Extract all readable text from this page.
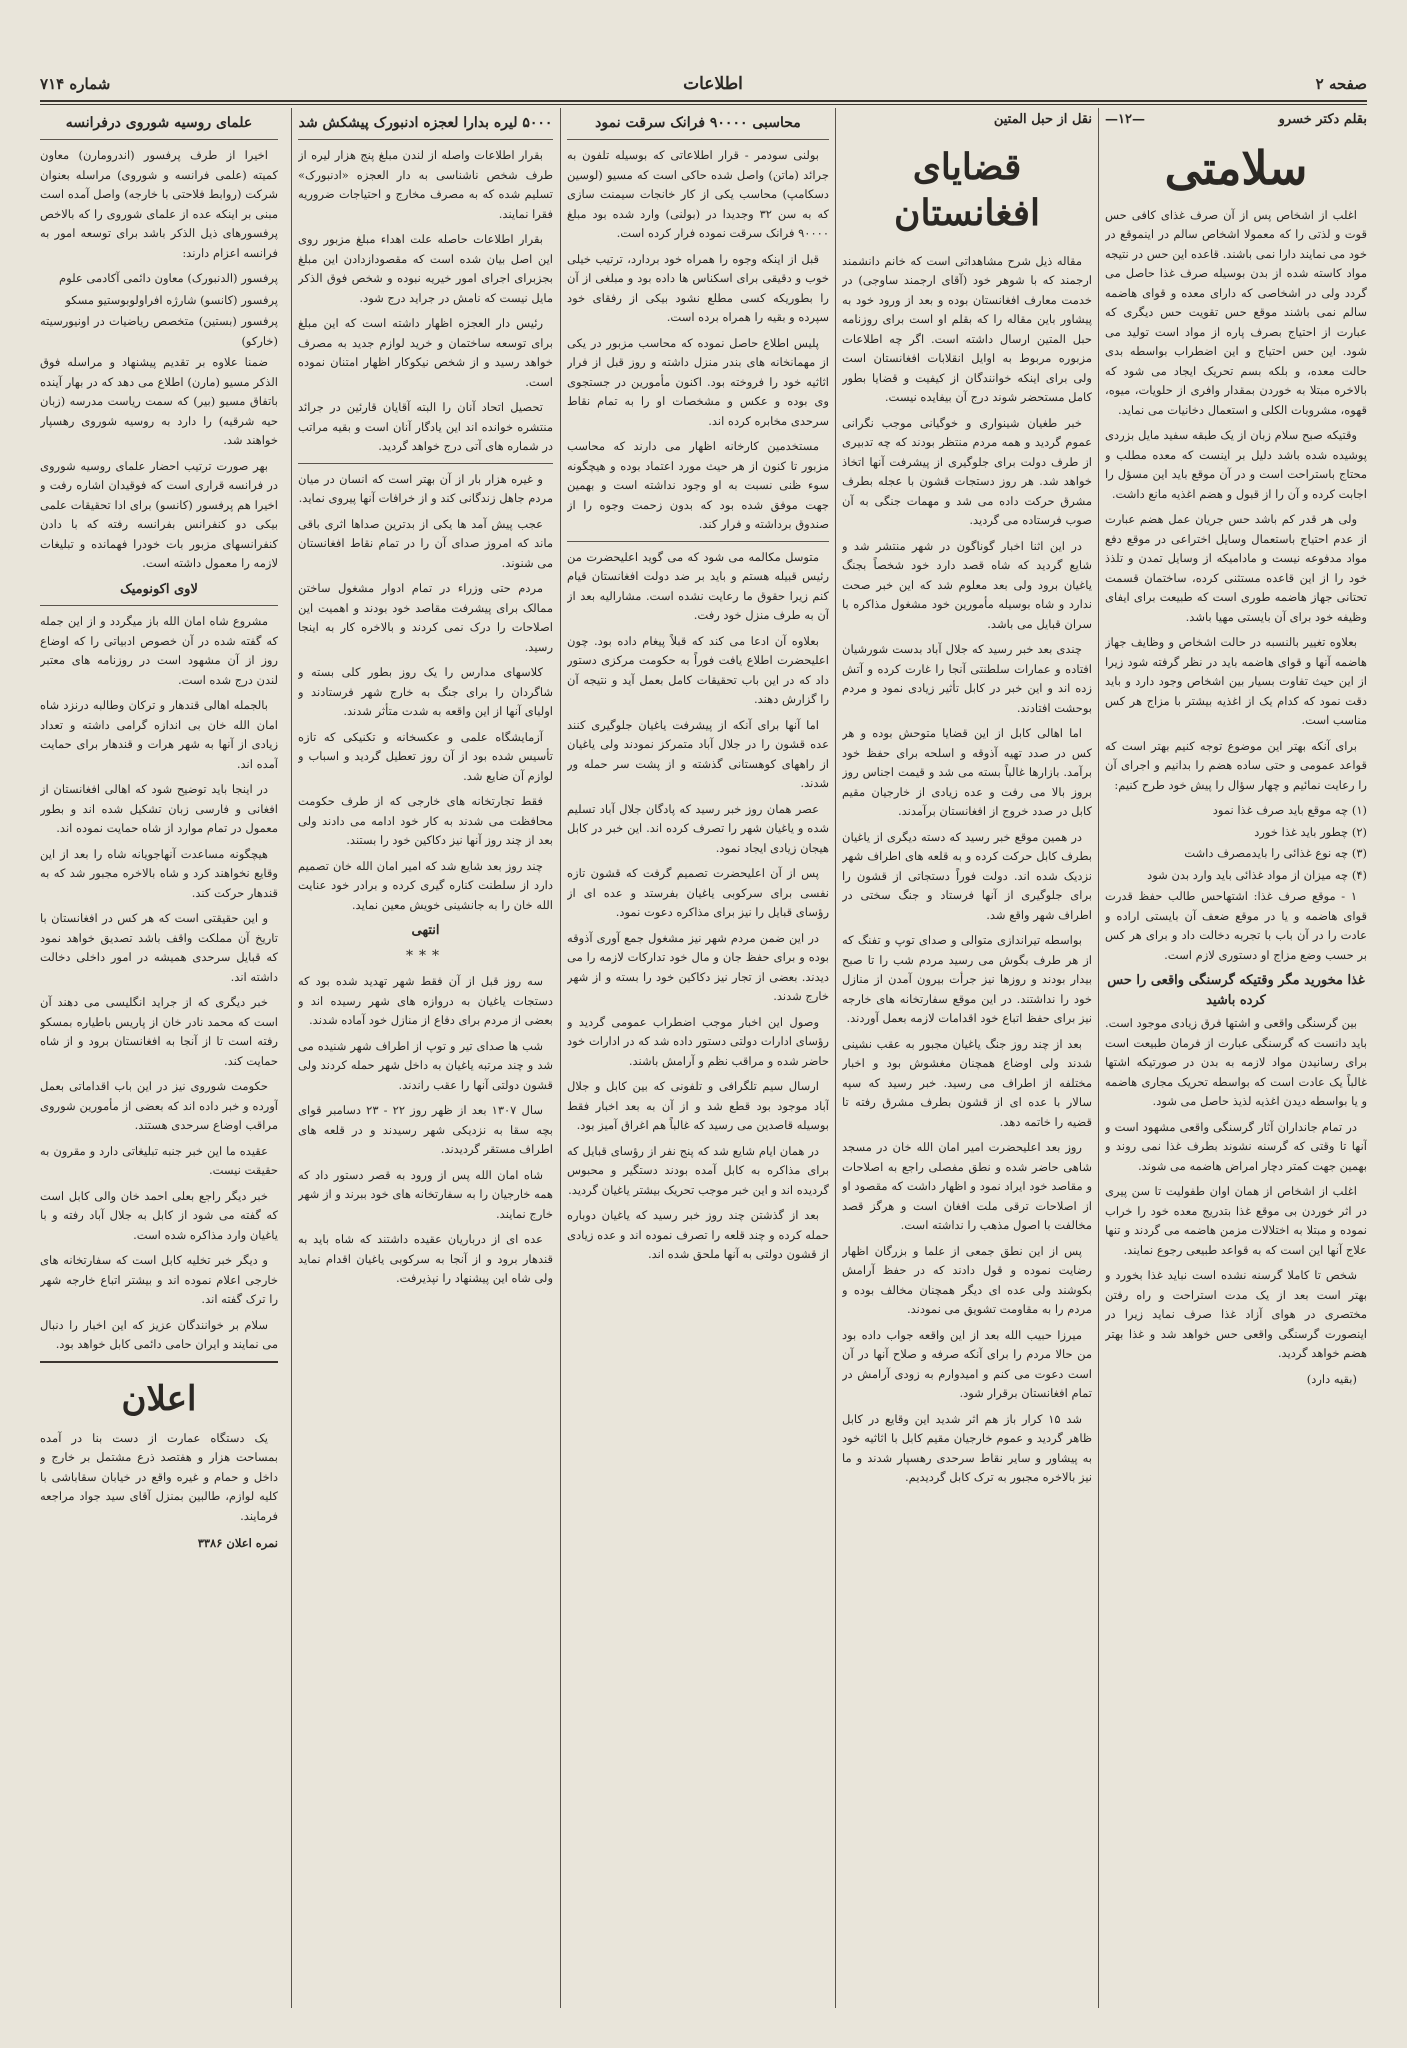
صفحه ۲
اطلاعات
شماره ۷۱۴
بقلم دکتر خسرو
—۱۲—
سلامتی

اغلب از اشخاص پس از آن صرف غذای کافی حس قوت و لذتی را که معمولا اشخاص سالم در اینموقع در خود می نمایند دارا نمی باشند. قاعده این حس در نتیجه مواد کاسته شده از بدن بوسیله صرف غذا حاصل می گردد ولی در اشخاصی که دارای معده و قوای هاضمه سالم نمی باشند موقع حس تقویت حس دیگری که عبارت از احتیاج بصرف پاره از مواد است تولید می شود. این حس احتیاج و این اضطراب بواسطه بدی حالت معده، و بلکه بسم تحریک ایجاد می شود که بالاخره مبتلا به خوردن بمقدار وافری از حلویات، میوه، قهوه، مشروبات الکلی و استعمال دخانیات می نماید.

وقتیکه صبح سلام زبان از یک طبقه سفید مایل بزردی پوشیده شده باشد دلیل بر اینست که معده مطلب و محتاج باستراحت است و در آن موقع باید این مسؤل را اجابت کرده و آن را از قبول و هضم اغذیه مانع داشت.

ولی هر قدر کم باشد حس جریان عمل هضم عبارت از عدم احتیاج باستعمال وسایل اختراعی در موقع دفع مواد مدفوعه نیست و مادامیکه از وسایل تمدن و تلذذ خود را از این قاعده مستثنی کرده، ساختمان قسمت تحتانی جهاز هاضمه طوری است که طبیعت برای ایفای وظیفه خود برای آن بایستی مهیا باشد.

بعلاوه تغییر بالنسبه در حالت اشخاص و وظایف جهاز هاضمه آنها و قوای هاضمه باید در نظر گرفته شود زیرا از این حیث تفاوت بسیار بین اشخاص وجود دارد و باید دقت نمود که کدام یک از اغذیه بیشتر با مزاج هر کس مناسب است.

برای آنکه بهتر این موضوع توجه کنیم بهتر است که قواعد عمومی و حتی ساده هضم را بدانیم و اجرای آن را رعایت نمائیم و چهار سؤال را پیش خود طرح کنیم:

(۱) چه موقع باید صرف غذا نمود

(۲) چطور باید غذا خورد

(۳) چه نوع غذائی را بایدمصرف داشت

(۴) چه میزان از مواد غذائی باید وارد بدن شود

۱ - موقع صرف غذا: اشتهاحس طالب حفظ قدرت قوای هاضمه و یا در موقع ضعف آن بایستی اراده و عادت را در آن باب با تجربه دخالت داد و برای هر کس بر حسب وضع مزاج او دستوری لازم است.

غذا مخورید مگر وقتیکه گرسنگی واقعی را حس کرده باشید

بین گرسنگی واقعی و اشتها فرق زیادی موجود است. باید دانست که گرسنگی عبارت از فرمان طبیعت است برای رسانیدن مواد لازمه به بدن در صورتیکه اشتها غالباً یک عادت است که بواسطه تحریک مجاری هاضمه و یا بواسطه دیدن اغذیه لذیذ حاصل می شود.

در تمام جانداران آثار گرسنگی واقعی مشهود است و آنها تا وقتی که گرسنه نشوند بطرف غذا نمی روند و بهمین جهت کمتر دچار امراض هاضمه می شوند.

اغلب از اشخاص از همان اوان طفولیت تا سن پیری در اثر خوردن بی موقع غذا بتدریج معده خود را خراب نموده و مبتلا به اختلالات مزمن هاضمه می گردند و تنها علاج آنها این است که به قواعد طبیعی رجوع نمایند.

شخص تا کاملا گرسنه نشده است نباید غذا بخورد و بهتر است بعد از یک مدت استراحت و راه رفتن مختصری در هوای آزاد غذا صرف نماید زیرا در اینصورت گرسنگی واقعی حس خواهد شد و غذا بهتر هضم خواهد گردید.

(بقیه دارد)

نقل از حبل المتین
قضایای افغانستان

مقاله ذیل شرح مشاهداتی است که خانم دانشمند ارجمند که با شوهر خود (آقای ارجمند ساوجی) در خدمت معارف افغانستان بوده و بعد از ورود خود به پیشاور باین مقاله را که بقلم او است برای روزنامه حبل المتین ارسال داشته است. اگر چه اطلاعات مزبوره مربوط به اوایل انقلابات افغانستان است ولی برای اینکه خوانندگان از کیفیت و قضایا بطور کامل مستحضر شوند درج آن بیفایده نیست.

خبر طغیان شینواری و خوگیانی موجب نگرانی عموم گردید و همه مردم منتظر بودند که چه تدبیری از طرف دولت برای جلوگیری از پیشرفت آنها اتخاذ خواهد شد. هر روز دستجات قشون با عجله بطرف مشرق حرکت داده می شد و مهمات جنگی به آن صوب فرستاده می گردید.

در این اثنا اخبار گوناگون در شهر منتشر شد و شایع گردید که شاه قصد دارد خود شخصاً بجنگ یاغیان برود ولی بعد معلوم شد که این خبر صحت ندارد و شاه بوسیله مأمورین خود مشغول مذاکره با سران قبایل می باشد.

چندی بعد خبر رسید که جلال آباد بدست شورشیان افتاده و عمارات سلطنتی آنجا را غارت کرده و آتش زده اند و این خبر در کابل تأثیر زیادی نمود و مردم بوحشت افتادند.

اما اهالی کابل از این قضایا متوحش بوده و هر کس در صدد تهیه آذوقه و اسلحه برای حفظ خود برآمد. بازارها غالباً بسته می شد و قیمت اجناس روز بروز بالا می رفت و عده زیادی از خارجیان مقیم کابل در صدد خروج از افغانستان برآمدند.

در همین موقع خبر رسید که دسته دیگری از یاغیان بطرف کابل حرکت کرده و به قلعه های اطراف شهر نزدیک شده اند. دولت فوراً دستجاتی از قشون را برای جلوگیری از آنها فرستاد و جنگ سختی در اطراف شهر واقع شد.

بواسطه تیراندازی متوالی و صدای توپ و تفنگ که از هر طرف بگوش می رسید مردم شب را تا صبح بیدار بودند و روزها نیز جرأت بیرون آمدن از منازل خود را نداشتند. در این موقع سفارتخانه های خارجه نیز برای حفظ اتباع خود اقدامات لازمه بعمل آوردند.

بعد از چند روز جنگ یاغیان مجبور به عقب نشینی شدند ولی اوضاع همچنان مغشوش بود و اخبار مختلفه از اطراف می رسید. خبر رسید که سپه سالار با عده ای از قشون بطرف مشرق رفته تا قضیه را خاتمه دهد.

روز بعد اعلیحضرت امیر امان الله خان در مسجد شاهی حاضر شده و نطق مفصلی راجع به اصلاحات و مقاصد خود ایراد نمود و اظهار داشت که مقصود او از اصلاحات ترقی ملت افغان است و هرگز قصد مخالفت با اصول مذهب را نداشته است.

پس از این نطق جمعی از علما و بزرگان اظهار رضایت نموده و قول دادند که در حفظ آرامش بکوشند ولی عده ای دیگر همچنان مخالف بوده و مردم را به مقاومت تشویق می نمودند.

میرزا حبیب الله بعد از این واقعه جواب داده بود من حالا مردم را برای آنکه صرفه و صلاح آنها در آن است دعوت می کنم و امیدوارم به زودی آرامش در تمام افغانستان برقرار شود.

شد ۱۵ کرار باز هم اثر شدید این وقایع در کابل ظاهر گردید و عموم خارجیان مقیم کابل با اثاثیه خود به پیشاور و سایر نقاط سرحدی رهسپار شدند و ما نیز بالاخره مجبور به ترک کابل گردیدیم.

محاسبی ۹۰۰۰۰ فرانک سرقت نمود

بولنی سودمر - قرار اطلاعاتی که بوسیله تلفون به جرائد (ماتن) واصل شده حاکی است که مسیو (لوسین دسکامپ) محاسب یکی از کار خانجات سیمنت سازی که به سن ۳۲ وجدیدا در (بولنی) وارد شده بود مبلغ ۹۰۰۰۰ فرانک سرقت نموده فرار کرده است.

قبل از اینکه وجوه را همراه خود بردارد، ترتیب خیلی خوب و دقیقی برای اسکناس ها داده بود و مبلغی از آن را بطوریکه کسی مطلع نشود بیکی از رفقای خود سپرده و بقیه را همراه برده است.

پلیس اطلاع حاصل نموده که محاسب مزبور در یکی از مهمانخانه های بندر منزل داشته و روز قبل از فرار اثاثیه خود را فروخته بود. اکنون مأمورین در جستجوی وی بوده و عکس و مشخصات او را به تمام نقاط سرحدی مخابره کرده اند.

مستخدمین کارخانه اظهار می دارند که محاسب مزبور تا کنون از هر حیث مورد اعتماد بوده و هیچگونه سوء ظنی نسبت به او وجود نداشته است و بهمین جهت موفق شده بود که بدون زحمت وجوه را از صندوق برداشته و فرار کند.

متوسل مکالمه می شود که می گوید اعلیحضرت من رئیس قبیله هستم و باید بر ضد دولت افغانستان قیام کنم زیرا حقوق ما رعایت نشده است. مشارالیه بعد از آن به طرف منزل خود رفت.

بعلاوه آن ادعا می کند که قبلاً پیغام داده بود. چون اعلیحضرت اطلاع یافت فوراً به حکومت مرکزی دستور داد که در این باب تحقیقات کامل بعمل آید و نتیجه آن را گزارش دهند.

اما آنها برای آنکه از پیشرفت یاغیان جلوگیری کنند عده قشون را در جلال آباد متمرکز نمودند ولی یاغیان از راههای کوهستانی گذشته و از پشت سر حمله ور شدند.

عصر همان روز خبر رسید که پادگان جلال آباد تسلیم شده و یاغیان شهر را تصرف کرده اند. این خبر در کابل هیجان زیادی ایجاد نمود.

پس از آن اعلیحضرت تصمیم گرفت که قشون تازه نفسی برای سرکوبی یاغیان بفرستد و عده ای از رؤسای قبایل را نیز برای مذاکره دعوت نمود.

در این ضمن مردم شهر نیز مشغول جمع آوری آذوقه بوده و برای حفظ جان و مال خود تدارکات لازمه را می دیدند. بعضی از تجار نیز دکاکین خود را بسته و از شهر خارج شدند.

وصول این اخبار موجب اضطراب عمومی گردید و رؤسای ادارات دولتی دستور داده شد که در ادارات خود حاضر شده و مراقب نظم و آرامش باشند.

ارسال سیم تلگرافی و تلفونی که بین کابل و جلال آباد موجود بود قطع شد و از آن به بعد اخبار فقط بوسیله قاصدین می رسید که غالباً هم اغراق آمیز بود.

در همان ایام شایع شد که پنج نفر از رؤسای قبایل که برای مذاکره به کابل آمده بودند دستگیر و محبوس گردیده اند و این خبر موجب تحریک بیشتر یاغیان گردید.

بعد از گذشتن چند روز خبر رسید که یاغیان دوباره حمله کرده و چند قلعه را تصرف نموده اند و عده زیادی از قشون دولتی به آنها ملحق شده اند.

۵۰۰۰ لیره بدارا لعجزه ادنبورک پیشکش شد

بقرار اطلاعات واصله از لندن مبلغ پنج هزار لیره از طرف شخص ناشناسی به دار العجزه «ادنبورک» تسلیم شده که به مصرف مخارج و احتیاجات ضروریه فقرا نمایند.

بقرار اطلاعات حاصله علت اهداء مبلغ مزبور روی این اصل بیان شده است که مقصودازدادن این مبلغ بجزبرای اجرای امور خیریه نبوده و شخص فوق الذکر مایل نیست که نامش در جراید درج شود.

رئیس دار العجزه اظهار داشته است که این مبلغ برای توسعه ساختمان و خرید لوازم جدید به مصرف خواهد رسید و از شخص نیکوکار اظهار امتنان نموده است.

تحصیل اتحاد آنان را البته آقایان قارئین در جرائد منتشره خوانده اند این یادگار آنان است و بقیه مراتب در شماره های آتی درج خواهد گردید.

و غیره هزار بار از آن بهتر است که انسان در میان مردم جاهل زندگانی کند و از خرافات آنها پیروی نماید.

عجب پیش آمد ها یکی از بدترین صداها اثری باقی ماند که امروز صدای آن را در تمام نقاط افغانستان می شنوند.

مردم حتی وزراء در تمام ادوار مشغول ساختن ممالک برای پیشرفت مقاصد خود بودند و اهمیت این اصلاحات را درک نمی کردند و بالاخره کار به اینجا رسید.

کلاسهای مدارس را یک روز بطور کلی بسته و شاگردان را برای جنگ به خارج شهر فرستادند و اولیای آنها از این واقعه به شدت متأثر شدند.

آزمایشگاه علمی و عکسخانه و تکنیکی که تازه تأسیس شده بود از آن روز تعطیل گردید و اسباب و لوازم آن ضایع شد.

فقط تجارتخانه های خارجی که از طرف حکومت محافظت می شدند به کار خود ادامه می دادند ولی بعد از چند روز آنها نیز دکاکین خود را بستند.

چند روز بعد شایع شد که امیر امان الله خان تصمیم دارد از سلطنت کناره گیری کرده و برادر خود عنایت الله خان را به جانشینی خویش معین نماید.

انتهی
***

سه روز قبل از آن فقط شهر تهدید شده بود که دستجات یاغیان به دروازه های شهر رسیده اند و بعضی از مردم برای دفاع از منازل خود آماده شدند.

شب ها صدای تیر و توپ از اطراف شهر شنیده می شد و چند مرتبه یاغیان به داخل شهر حمله کردند ولی قشون دولتی آنها را عقب راندند.

سال ۱۳۰۷ بعد از ظهر روز ۲۲ - ۲۳ دسامبر قوای بچه سقا به نزدیکی شهر رسیدند و در قلعه های اطراف مستقر گردیدند.

شاه امان الله پس از ورود به قصر دستور داد که همه خارجیان را به سفارتخانه های خود ببرند و از شهر خارج نمایند.

عده ای از درباریان عقیده داشتند که شاه باید به قندهار برود و از آنجا به سرکوبی یاغیان اقدام نماید ولی شاه این پیشنهاد را نپذیرفت.

علمای روسیه شوروی درفرانسه

اخیرا از طرف پرفسور (اندرومارن) معاون کمیته (علمی فرانسه و شوروی) مراسله بعنوان شرکت (روابط فلاحتی با خارجه) واصل آمده است مبنی بر اینکه عده از علمای شوروی را که بالاخص پرفسورهای ذیل الذکر باشد برای توسعه امور به فرانسه اعزام دارند:

پرفسور (الدنبورک) معاون دائمی آکادمی علوم

پرفسور (کانسو) شارژه افراولوبوستیو مسکو

پرفسور (بستین) متخصص ریاضیات در اونیورسیته (خارکو)

ضمنا علاوه بر تقدیم پیشنهاد و مراسله فوق الذکر مسیو (مارن) اطلاع می دهد که در بهار آینده باتفاق مسیو (بیر) که سمت ریاست مدرسه (زبان حیه شرقیه) را دارد به روسیه شوروی رهسپار خواهند شد.

بهر صورت ترتیب احضار علمای روسیه شوروی در فرانسه قراری است که فوقیدان اشاره رفت و اخیرا هم پرفسور (کانسو) برای ادا تحقیقات علمی بیکی دو کنفرانس بفرانسه رفته که با دادن کنفرانسهای مزبور بات خودرا فهمانده و تبلیغات لازمه را معمول داشته است.

لاوی اکونومیک

مشروع شاه امان الله باز میگردد و از این جمله که گفته شده در آن خصوص ادبیاتی را که اوضاع روز از آن مشهود است در روزنامه های معتبر لندن درج شده است.

بالجمله اهالی قندهار و ترکان وطالبه درنزد شاه امان الله خان بی اندازه گرامی داشته و تعداد زیادی از آنها به شهر هرات و قندهار برای حمایت آمده اند.

در اینجا باید توضیح شود که اهالی افغانستان از افغانی و فارسی زبان تشکیل شده اند و بطور معمول در تمام موارد از شاه حمایت نموده اند.

هیچگونه مساعدت آنهاجویانه شاه را بعد از این وقایع نخواهند کرد و شاه بالاخره مجبور شد که به قندهار حرکت کند.

و این حقیقتی است که هر کس در افغانستان با تاریخ آن مملکت واقف باشد تصدیق خواهد نمود که قبایل سرحدی همیشه در امور داخلی دخالت داشته اند.

خبر دیگری که از جراید انگلیسی می دهند آن است که محمد نادر خان از پاریس باطیاره بمسکو رفته است تا از آنجا به افغانستان برود و از شاه حمایت کند.

حکومت شوروی نیز در این باب اقداماتی بعمل آورده و خبر داده اند که بعضی از مأمورین شوروی مراقب اوضاع سرحدی هستند.

عقیده ما این خبر جنبه تبلیغاتی دارد و مقرون به حقیقت نیست.

خبر دیگر راجع بعلی احمد خان والی کابل است که گفته می شود از کابل به جلال آباد رفته و با یاغیان وارد مذاکره شده است.

و دیگر خبر تخلیه کابل است که سفارتخانه های خارجی اعلام نموده اند و بیشتر اتباع خارجه شهر را ترک گفته اند.

سلام بر خوانندگان عزیز که این اخبار را دنبال می نمایند و ایران حامی دائمی کابل خواهد بود.

اعلان

یک دستگاه عمارت از دست بنا در آمده بمساحت هزار و هفتصد ذرع مشتمل بر خارج و داخل و حمام و غیره واقع در خیابان سقاباشی با کلیه لوازم، طالبین بمنزل آقای سید جواد مراجعه فرمایند.

نمره اعلان ۳۳۸۶
